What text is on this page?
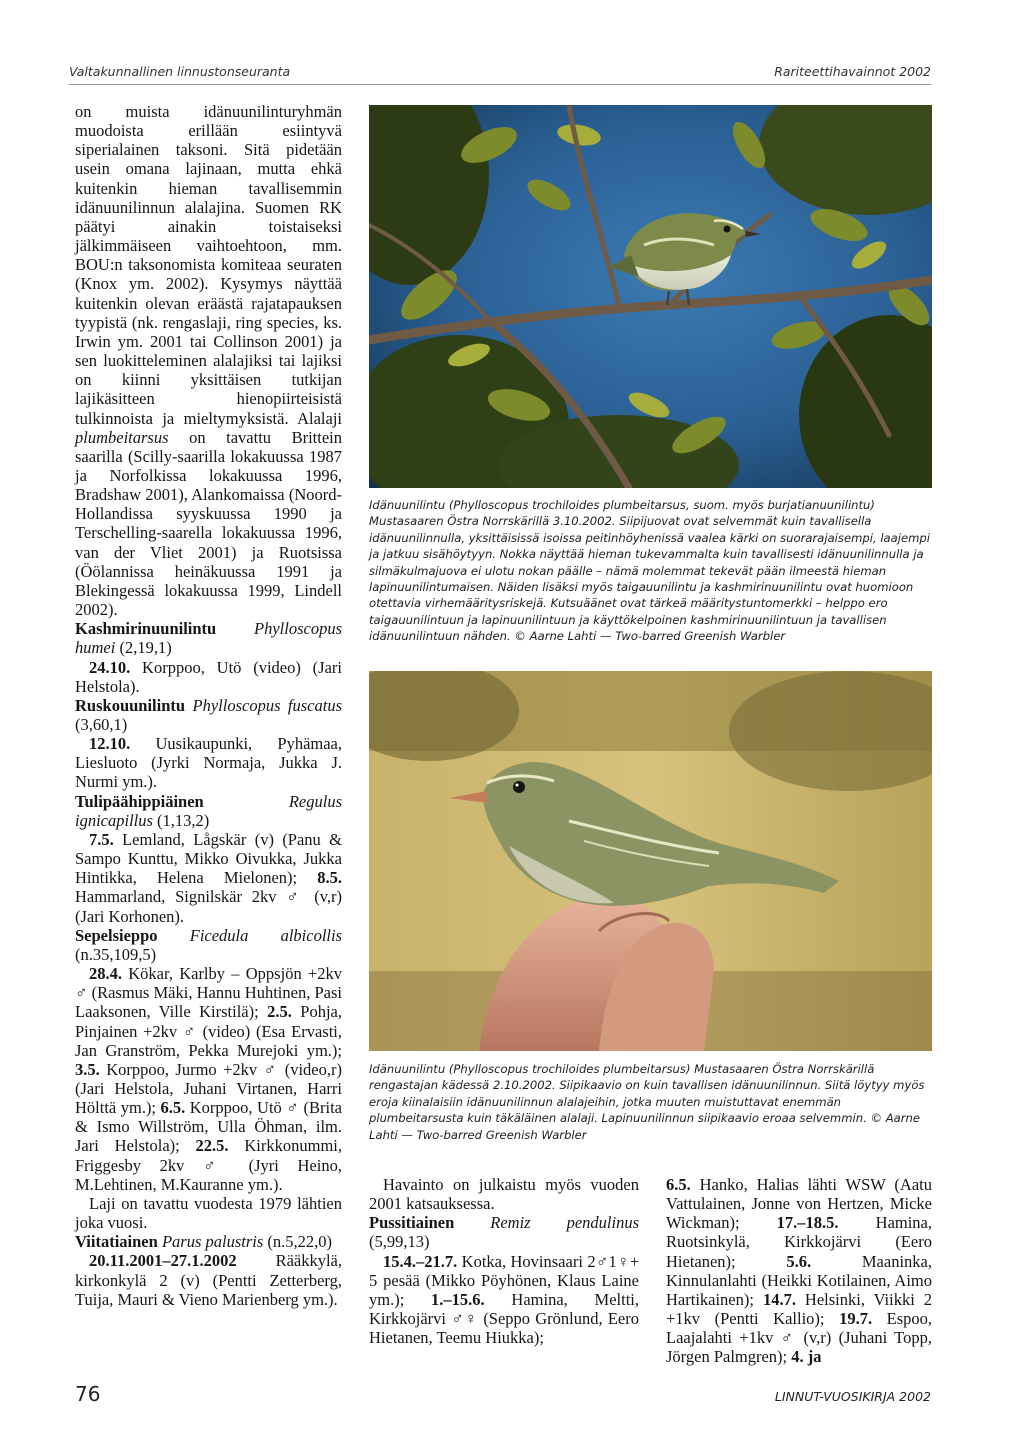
Valtakunnallinen linnustonseuranta	Rariteettihavainnot 2002

on muista idänuunilinturyhmän muodoista erillään esiintyvä siperialainen taksoni. Sitä pidetään usein omana lajinaan, mutta ehkä kuitenkin hieman tavallisemmin idänuunilinnun alalajina. Suomen RK päätyi ainakin toistaiseksi jälkimmäiseen vaihtoehtoon, mm. BOU:n taksonomista komiteaa seuraten (Knox ym. 2002). Kysymys näyttää kuitenkin olevan eräästä rajatapauksen tyypistä (nk. rengaslaji, ring species, ks. Irwin ym. 2001 tai Collinson 2001) ja sen luokitteleminen alalajiksi tai lajiksi on kiinni yksittäisen tutkijan lajikäsitteen hienopiirteisistä tulkinnoista ja mieltymyksistä. Alalaji plumbeitarsus on tavattu Brittein saarilla (Scilly-saarilla lokakuussa 1987 ja Norfolkissa lokakuussa 1996, Bradshaw 2001), Alankomaissa (Noord-Hollandissa syyskuussa 1990 ja Terschelling-saarella lokakuussa 1996, van der Vliet 2001) ja Ruotsissa (Öölannissa heinäkuussa 1991 ja Blekingessä lokakuussa 1999, Lindell 2002).

Kashmirinuunilintu Phylloscopus humei (2,19,1)

24.10. Korppoo, Utö (video) (Jari Helstola).

Ruskouunilintu Phylloscopus fuscatus (3,60,1)

12.10. Uusikaupunki, Pyhämaa, Liesluoto (Jyrki Normaja, Jukka J. Nurmi ym.).

Tulipäähippiäinen	Regulus ignicapillus (1,13,2)

7.5. Lemland, Lågskär (v) (Panu & Sampo Kunttu, Mikko Oivukka, Jukka Hintikka, Helena Mielonen); 8.5. Hammarland, Signilskär 2kv ♂ (v,r) (Jari Korhonen).

Sepelsieppo Ficedula albicollis (n.35,109,5)

28.4. Kökar, Karlby – Oppsjön +2kv ♂ (Rasmus Mäki, Hannu Huhtinen, Pasi Laaksonen, Ville Kirstilä); 2.5. Pohja, Pinjainen +2kv ♂ (video) (Esa Ervasti, Jan Granström, Pekka Murejoki ym.); 3.5. Korppoo, Jurmo +2kv ♂ (video,r) (Jari Helstola, Juhani Virtanen, Harri Hölttä ym.); 6.5. Korppoo, Utö ♂ (Brita & Ismo Willström, Ulla Öhman, ilm. Jari Helstola); 22.5. Kirkkonummi, Friggesby 2kv ♂ (Jyri Heino, M.Lehtinen, M.Kauranne ym.).

Laji on tavattu vuodesta 1979 lähtien joka vuosi.

Viitatiainen Parus palustris (n.5,22,0)

20.11.2001–27.1.2002 Rääkkylä, kirkonkylä 2 (v) (Pentti Zetterberg, Tuija, Mauri & Vieno Marienberg ym.).

Idänuunilintu (Phylloscopus trochiloides plumbeitarsus, suom. myös burjatianuunilintu) Mustasaaren Östra Norrskärillä 3.10.2002. Siipijuovat ovat selvemmät kuin tavallisella idänuunilinnulla, yksittäisissä isoissa peitinhöyhenissä vaalea kärki on suorarajaisempi, laajempi ja jatkuu sisähöytyyn. Nokka näyttää hieman tukevammalta kuin tavallisesti idänuunilinnulla ja silmäkulmajuova ei ulotu nokan päälle – nämä molemmat tekevät pään ilmeestä hieman lapinuunilintumaisen. Näiden lisäksi myös taigauunilintu ja kashmirinuunilintu ovat huomioon otettavia virhemääritysriskejä. Kutsuäänet ovat tärkeä määritystuntomerkki – helppo ero taigauunilintuun ja lapinuunilintuun ja käyttökelpoinen kashmirinuunilintuun ja tavallisen idänuunilintuun nähden. © Aarne Lahti — Two-barred Greenish Warbler
Idänuunilintu (Phylloscopus trochiloides plumbeitarsus) Mustasaaren Östra Norrskärillä rengastajan kädessä 2.10.2002. Siipikaavio on kuin tavallisen idänuunilinnun. Siitä löytyy myös eroja kiinalaisiin idänuunilinnun alalajeihin, jotka muuten muistuttavat enemmän plumbeitarsusta kuin täkäläinen alalaji. Lapinuunilinnun siipikaavio eroaa selvemmin. © Aarne Lahti — Two-barred Greenish Warbler

Havainto on julkaistu myös vuoden 2001 katsauksessa.

Pussitiainen Remiz pendulinus (5,99,13)

15.4.–21.7. Kotka, Hovinsaari 2♂1♀+ 5 pesää (Mikko Pöyhönen, Klaus Laine ym.); 1.–15.6. Hamina, Meltti, Kirkkojärvi ♂♀ (Seppo Grönlund, Eero Hietanen, Teemu Hiukka);

6.5. Hanko, Halias lähti WSW (Aatu Vattulainen, Jonne von Hertzen, Micke Wickman); 17.–18.5. Hamina, Ruotsinkylä, Kirkkojärvi (Eero Hietanen); 5.6. Maaninka, Kinnulanlahti (Heikki Kotilainen, Aimo Hartikainen); 14.7. Helsinki, Viikki 2 +1kv (Pentti Kallio); 19.7. Espoo, Laajalahti +1kv ♂ (v,r) (Juhani Topp, Jörgen Palmgren); 4. ja

76	LINNUT-VUOSIKIRJA 2002
